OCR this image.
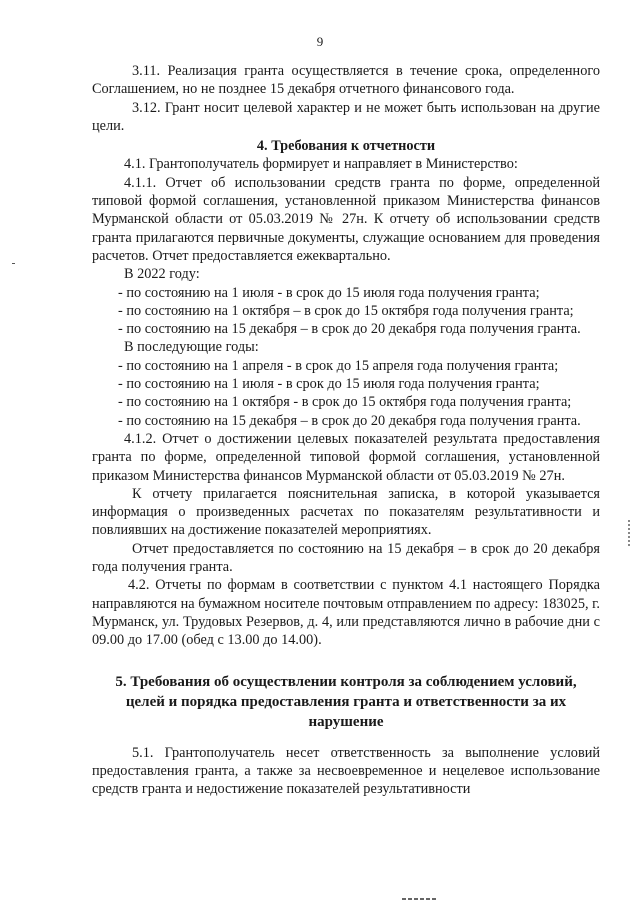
9

3.11. Реализация гранта осуществляется в течение срока, определенного Соглашением, но не позднее 15 декабря отчетного финансового года.

3.12. Грант носит целевой характер и не может быть использован на другие цели.

4. Требования к отчетности

4.1. Грантополучатель формирует и направляет в Министерство:

4.1.1. Отчет об использовании средств гранта по форме, определенной типовой формой соглашения, установленной приказом Министерства финансов Мурманской области от 05.03.2019 № 27н. К отчету об использовании средств гранта прилагаются первичные документы, служащие основанием для проведения расчетов. Отчет предоставляется ежеквартально.

В 2022 году:

- по состоянию на 1 июля - в срок до 15 июля года получения гранта;

- по состоянию на 1 октября – в срок до 15 октября года получения гранта;

- по состоянию на 15 декабря – в срок до 20 декабря года получения гранта.

В последующие годы:

- по состоянию на 1 апреля - в срок до 15 апреля года получения гранта;

- по состоянию на 1 июля - в срок до 15 июля года получения гранта;

- по состоянию на 1 октября - в срок до 15 октября года получения гранта;

- по состоянию на 15 декабря – в срок до 20 декабря года получения гранта.

4.1.2. Отчет о достижении целевых показателей результата предоставления гранта по форме, определенной типовой формой соглашения, установленной приказом Министерства финансов Мурманской области от 05.03.2019 № 27н.

К отчету прилагается пояснительная записка, в которой указывается информация о произведенных расчетах по показателям результативности и повлиявших на достижение показателей мероприятиях.

Отчет предоставляется по состоянию на 15 декабря – в срок до 20 декабря года получения гранта.

4.2. Отчеты по формам в соответствии с пунктом 4.1 настоящего Порядка направляются на бумажном носителе почтовым отправлением по адресу: 183025, г. Мурманск, ул. Трудовых Резервов, д. 4, или представляются лично в рабочие дни с 09.00 до 17.00 (обед с 13.00 до 14.00).

5. Требования об осуществлении контроля за соблюдением условий,
целей и порядка предоставления гранта и ответственности за их
нарушение

5.1. Грантополучатель несет ответственность за выполнение условий предоставления гранта, а также за несвоевременное и нецелевое использование средств гранта и недостижение показателей результативности
